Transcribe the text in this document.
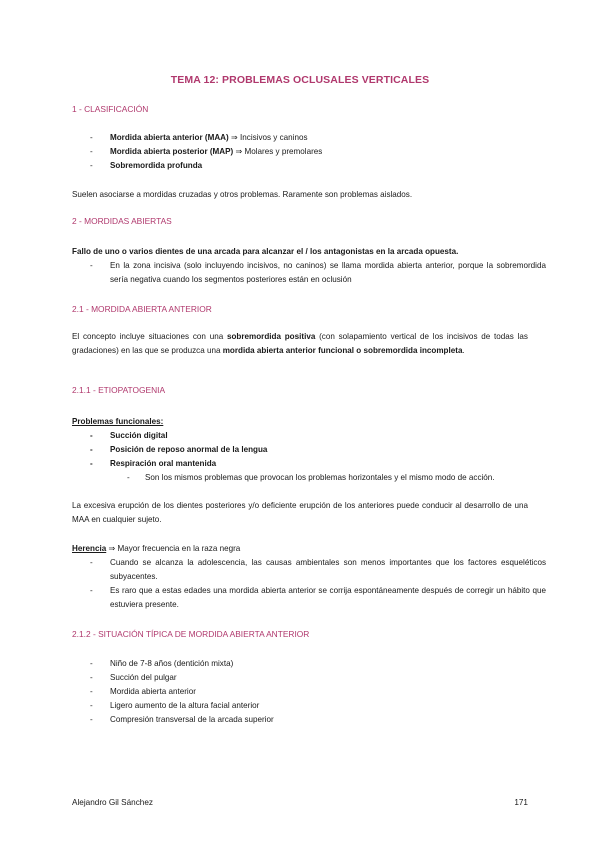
TEMA 12: PROBLEMAS OCLUSALES VERTICALES
1 - CLASIFICACIÓN
- Mordida abierta anterior (MAA) ⇒ Incisivos y caninos
- Mordida abierta posterior (MAP) ⇒ Molares y premolares
- Sobremordida profunda
Suelen asociarse a mordidas cruzadas y otros problemas. Raramente son problemas aislados.
2 - MORDIDAS ABIERTAS
Fallo de uno o varios dientes de una arcada para alcanzar el / los antagonistas en la arcada opuesta.
- En la zona incisiva (solo incluyendo incisivos, no caninos) se llama mordida abierta anterior, porque la sobremordida sería negativa cuando los segmentos posteriores están en oclusión
2.1 - MORDIDA ABIERTA ANTERIOR
El concepto incluye situaciones con una sobremordida positiva (con solapamiento vertical de los incisivos de todas las gradaciones) en las que se produzca una mordida abierta anterior funcional o sobremordida incompleta.
2.1.1 - ETIOPATOGENIA
Problemas funcionales:
- Succión digital
- Posición de reposo anormal de la lengua
- Respiración oral mantenida
- Son los mismos problemas que provocan los problemas horizontales y el mismo modo de acción.
La excesiva erupción de los dientes posteriores y/o deficiente erupción de los anteriores puede conducir al desarrollo de una MAA en cualquier sujeto.
Herencia ⇒ Mayor frecuencia en la raza negra
- Cuando se alcanza la adolescencia, las causas ambientales son menos importantes que los factores esqueléticos subyacentes.
- Es raro que a estas edades una mordida abierta anterior se corrija espontáneamente después de corregir un hábito que estuviera presente.
2.1.2 - SITUACIÓN TÍPICA DE MORDIDA ABIERTA ANTERIOR
- Niño de 7-8 años (dentición mixta)
- Succión del pulgar
- Mordida abierta anterior
- Ligero aumento de la altura facial anterior
- Compresión transversal de la arcada superior
Alejandro Gil Sánchez	171
